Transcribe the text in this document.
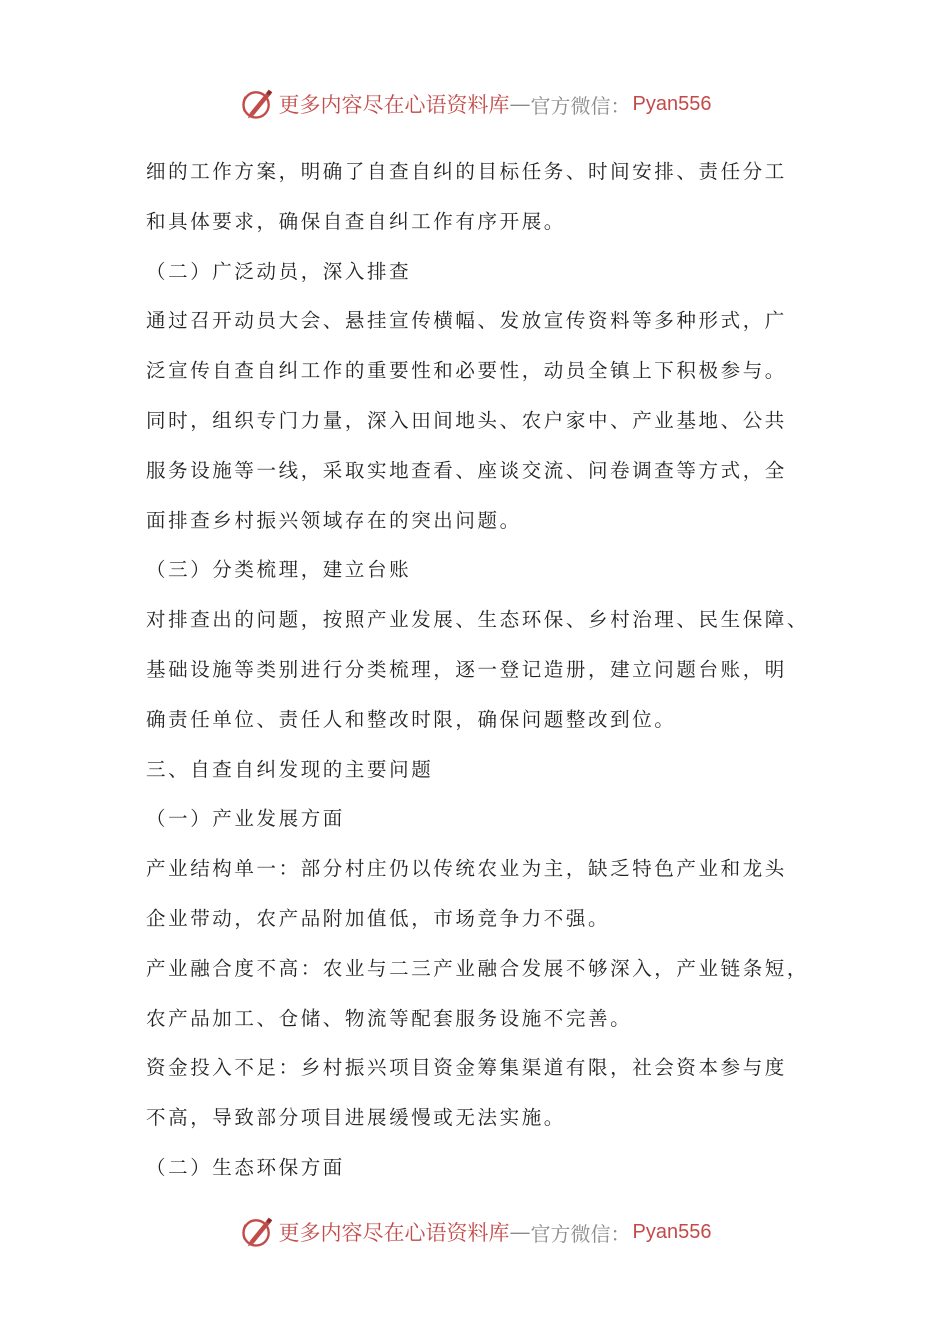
更多内容尽在心语资料库 — 官方微信： Pyan556
细的工作方案，明确了自查自纠的目标任务、时间安排、责任分工
和具体要求，确保自查自纠工作有序开展。
（二）广泛动员，深入排查
通过召开动员大会、悬挂宣传横幅、发放宣传资料等多种形式，广
泛宣传自查自纠工作的重要性和必要性，动员全镇上下积极参与。
同时，组织专门力量，深入田间地头、农户家中、产业基地、公共
服务设施等一线，采取实地查看、座谈交流、问卷调查等方式，全
面排查乡村振兴领域存在的突出问题。
（三）分类梳理，建立台账
对排查出的问题，按照产业发展、生态环保、乡村治理、民生保障、
基础设施等类别进行分类梳理，逐一登记造册，建立问题台账，明
确责任单位、责任人和整改时限，确保问题整改到位。
三、自查自纠发现的主要问题
（一）产业发展方面
产业结构单一：部分村庄仍以传统农业为主，缺乏特色产业和龙头
企业带动，农产品附加值低，市场竞争力不强。
产业融合度不高：农业与二三产业融合发展不够深入，产业链条短，
农产品加工、仓储、物流等配套服务设施不完善。
资金投入不足：乡村振兴项目资金筹集渠道有限，社会资本参与度
不高，导致部分项目进展缓慢或无法实施。
（二）生态环保方面
更多内容尽在心语资料库 — 官方微信： Pyan556
